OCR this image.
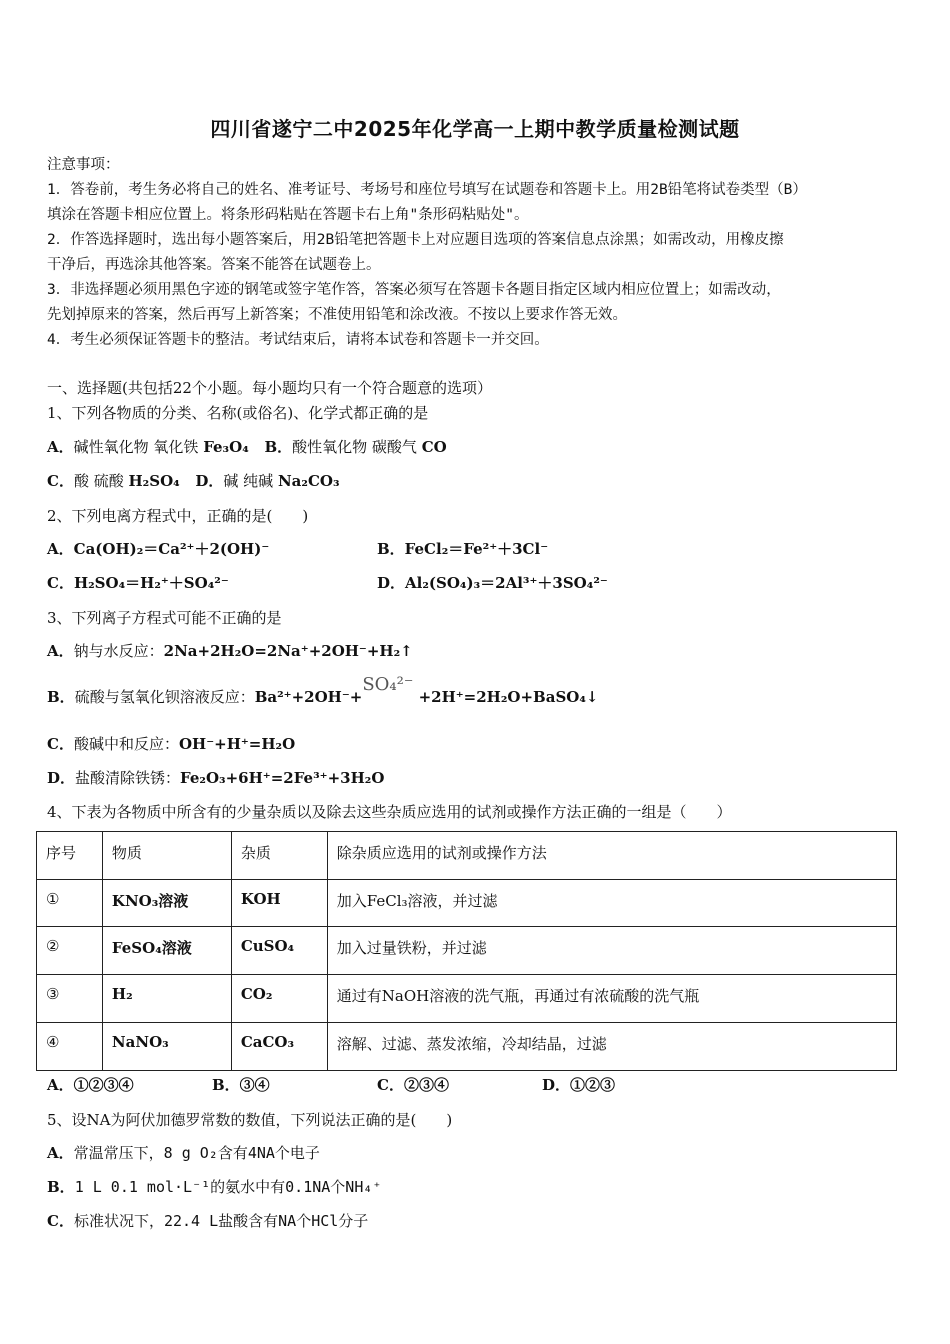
四川省遂宁二中2025年化学高一上期中教学质量检测试题
注意事项：
1．答卷前，考生务必将自己的姓名、准考证号、考场号和座位号填写在试题卷和答题卡上。用2B铅笔将试卷类型（B）
填涂在答题卡相应位置上。将条形码粘贴在答题卡右上角"条形码粘贴处"。
2．作答选择题时，选出每小题答案后，用2B铅笔把答题卡上对应题目选项的答案信息点涂黑；如需改动，用橡皮擦
干净后，再选涂其他答案。答案不能答在试题卷上。
3．非选择题必须用黑色字迹的钢笔或签字笔作答，答案必须写在答题卡各题目指定区域内相应位置上；如需改动，
先划掉原来的答案，然后再写上新答案；不准使用铅笔和涂改液。不按以上要求作答无效。
4．考生必须保证答题卡的整洁。考试结束后，请将本试卷和答题卡一并交回。
一、选择题(共包括22个小题。每小题均只有一个符合题意的选项）
1、下列各物质的分类、名称(或俗名)、化学式都正确的是
A．碱性氧化物 氧化铁 Fe₃O₄ B．酸性氧化物 碳酸气 CO
C．酸 硫酸 H₂SO₄ D．碱 纯碱 Na₂CO₃
2、下列电离方程式中，正确的是(　　)
A．Ca(OH)₂＝Ca²⁺＋2(OH)⁻	B．FeCl₂＝Fe²⁺＋3Cl⁻
C．H₂SO₄＝H₂⁺＋SO₄²⁻	D．Al₂(SO₄)₃＝2Al³⁺＋3SO₄²⁻
3、下列离子方程式可能不正确的是
A．钠与水反应：2Na+2H₂O=2Na⁺+2OH⁻+H₂↑
B．硫酸与氢氧化钡溶液反应：Ba²⁺+2OH⁻+SO₄²⁻ +2H⁺=2H₂O+BaSO₄↓
C．酸碱中和反应：OH⁻+H⁺=H₂O
D．盐酸清除铁锈：Fe₂O₃+6H⁺=2Fe³⁺+3H₂O
4、下表为各物质中所含有的少量杂质以及除去这些杂质应选用的试剂或操作方法正确的一组是（　　）
序号	物质	杂质	除杂质应选用的试剂或操作方法
①	KNO₃溶液	KOH	加入FeCl₃溶液，并过滤
②	FeSO₄溶液	CuSO₄	加入过量铁粉，并过滤
③	H₂	CO₂	通过有NaOH溶液的洗气瓶，再通过有浓硫酸的洗气瓶
④	NaNO₃	CaCO₃	溶解、过滤、蒸发浓缩，冷却结晶，过滤
A．①②③④	B．③④	C．②③④	D．①②③
5、设NA为阿伏加德罗常数的数值，下列说法正确的是(　　)
A．常温常压下，8 g O₂含有4NA个电子
B．1 L 0.1 mol·L⁻¹的氨水中有0.1NA个NH₄⁺
C．标准状况下，22.4 L盐酸含有NA个HCl分子
